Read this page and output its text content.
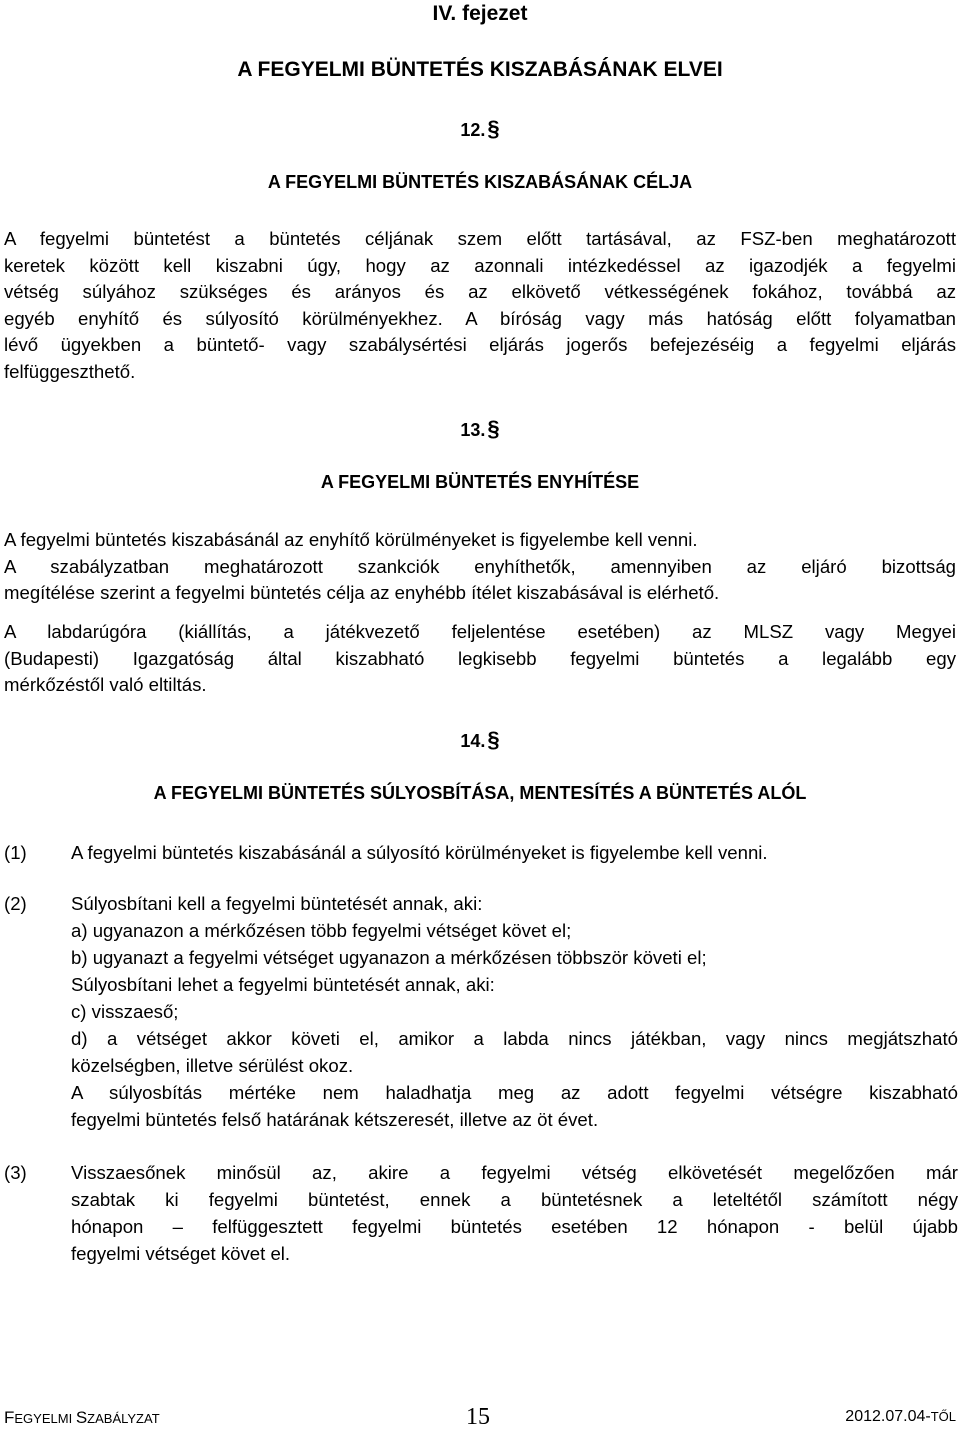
IV. fejezet
A FEGYELMI BÜNTETÉS KISZABÁSÁNAK ELVEI
12.§
A FEGYELMI BÜNTETÉS KISZABÁSÁNAK CÉLJA
A fegyelmi büntetést a büntetés céljának szem előtt tartásával, az FSZ-ben meghatározott
keretek között kell kiszabni úgy, hogy az azonnali intézkedéssel az igazodjék a fegyelmi
vétség súlyához szükséges és arányos és az elkövető vétkességének fokához, továbbá az
egyéb enyhítő és súlyosító körülményekhez. A bíróság vagy más hatóság előtt folyamatban
lévő ügyekben a büntető- vagy szabálysértési eljárás jogerős befejezéséig a fegyelmi eljárás
felfüggeszthető.
13.§
A FEGYELMI BÜNTETÉS ENYHÍTÉSE
A fegyelmi büntetés kiszabásánál az enyhítő körülményeket is figyelembe kell venni.
A szabályzatban meghatározott szankciók enyhíthetők, amennyiben az eljáró bizottság
megítélése szerint a fegyelmi büntetés célja az enyhébb ítélet kiszabásával is elérhető.
A labdarúgóra (kiállítás, a játékvezető feljelentése esetében) az MLSZ vagy Megyei
(Budapesti) Igazgatóság által kiszabható legkisebb fegyelmi büntetés a legalább egy
mérkőzéstől való eltiltás.
14.§
A FEGYELMI BÜNTETÉS SÚLYOSBÍTÁSA, MENTESÍTÉS A BÜNTETÉS ALÓL
(1) A fegyelmi büntetés kiszabásánál a súlyosító körülményeket is figyelembe kell venni.
(2) Súlyosbítani kell a fegyelmi büntetését annak, aki:
a) ugyanazon a mérkőzésen több fegyelmi vétséget követ el;
b) ugyanazt a fegyelmi vétséget ugyanazon a mérkőzésen többször követi el;
Súlyosbítani lehet a fegyelmi büntetését annak, aki:
c) visszaeső;
d) a vétséget akkor követi el, amikor a labda nincs játékban, vagy nincs megjátszható
közelségben, illetve sérülést okoz.
A súlyosbítás mértéke nem haladhatja meg az adott fegyelmi vétségre kiszabható
fegyelmi büntetés felső határának kétszeresét, illetve az öt évet.
(3) Visszaesőnek minősül az, akire a fegyelmi vétség elkövetését megelőzően már
szabtak ki fegyelmi büntetést, ennek a büntetésnek a leteltétől számított négy
hónapon – felfüggesztett fegyelmi büntetés esetében 12 hónapon - belül újabb
fegyelmi vétséget követ el.
FEGYELMI SZABÁLYZAT	15	2012.07.04-TŐL
